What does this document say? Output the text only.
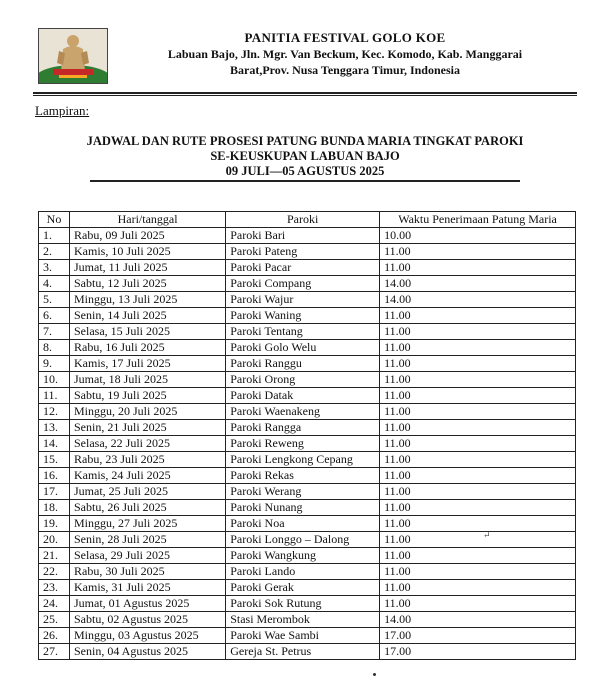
PANITIA FESTIVAL GOLO KOE
Labuan Bajo, Jln. Mgr. Van Beckum, Kec. Komodo, Kab. Manggarai
Barat,Prov. Nusa Tenggara Timur, Indonesia
Lampiran:
JADWAL DAN RUTE PROSESI PATUNG BUNDA MARIA TINGKAT PAROKI
SE-KEUSKUPAN LABUAN BAJO
09 JULI—05 AGUSTUS 2025
No	Hari/tanggal	Paroki	Waktu Penerimaan Patung Maria
1.	Rabu, 09 Juli 2025	Paroki Bari	10.00
2.	Kamis, 10 Juli 2025	Paroki Pateng	11.00
3.	Jumat, 11 Juli 2025	Paroki Pacar	11.00
4.	Sabtu, 12 Juli 2025	Paroki Compang	14.00
5.	Minggu, 13 Juli 2025	Paroki Wajur	14.00
6.	Senin, 14 Juli 2025	Paroki Waning	11.00
7.	Selasa, 15 Juli 2025	Paroki Tentang	11.00
8.	Rabu, 16 Juli 2025	Paroki Golo Welu	11.00
9.	Kamis, 17 Juli 2025	Paroki Ranggu	11.00
10.	Jumat, 18 Juli 2025	Paroki Orong	11.00
11.	Sabtu, 19 Juli 2025	Paroki Datak	11.00
12.	Minggu, 20 Juli 2025	Paroki Waenakeng	11.00
13.	Senin, 21 Juli 2025	Paroki Rangga	11.00
14.	Selasa, 22 Juli 2025	Paroki Reweng	11.00
15.	Rabu, 23 Juli 2025	Paroki Lengkong Cepang	11.00
16.	Kamis, 24 Juli 2025	Paroki Rekas	11.00
17.	Jumat, 25 Juli 2025	Paroki Werang	11.00
18.	Sabtu, 26 Juli 2025	Paroki Nunang	11.00
19.	Minggu, 27 Juli 2025	Paroki Noa	11.00
20.	Senin, 28 Juli 2025	Paroki Longgo – Dalong	11.00
21.	Selasa, 29 Juli 2025	Paroki Wangkung	11.00
22.	Rabu, 30 Juli 2025	Paroki Lando	11.00
23.	Kamis, 31 Juli 2025	Paroki Gerak	11.00
24.	Jumat, 01 Agustus 2025	Paroki Sok Rutung	11.00
25.	Sabtu, 02 Agustus 2025	Stasi Merombok	14.00
26.	Minggu, 03 Agustus 2025	Paroki Wae Sambi	17.00
27.	Senin, 04 Agustus 2025	Gereja St. Petrus	17.00
↵
